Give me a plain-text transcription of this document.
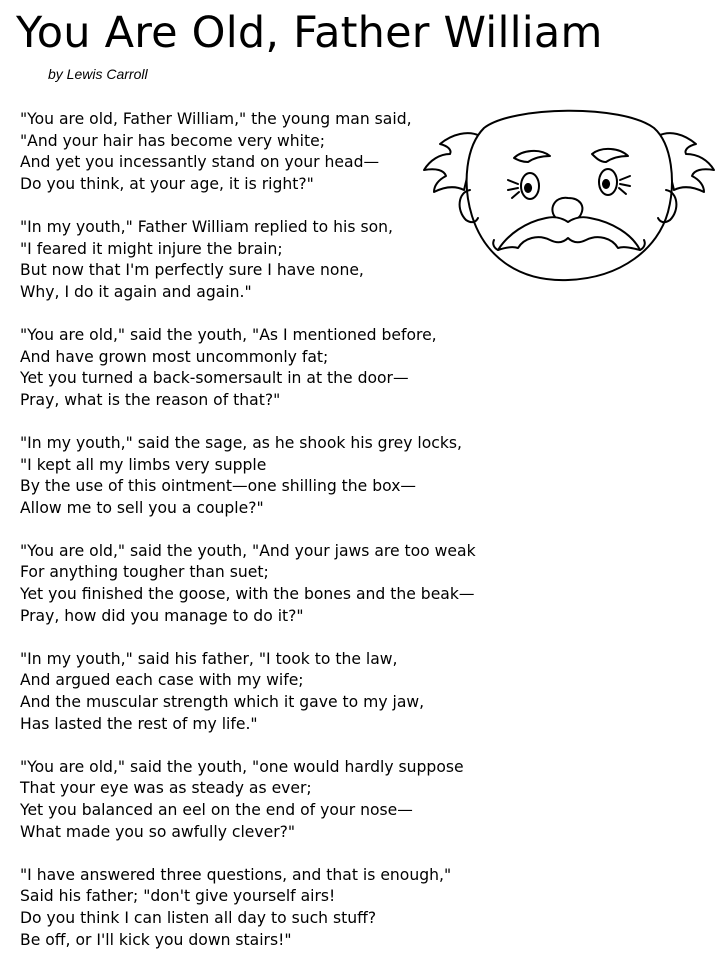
You Are Old, Father William
by Lewis Carroll
"You are old, Father William," the young man said,
"And your hair has become very white;
And yet you incessantly stand on your head—
Do you think, at your age, it is right?"
"In my youth," Father William replied to his son,
"I feared it might injure the brain;
But now that I'm perfectly sure I have none,
Why, I do it again and again."
"You are old," said the youth, "As I mentioned before,
And have grown most uncommonly fat;
Yet you turned a back-somersault in at the door—
Pray, what is the reason of that?"
"In my youth," said the sage, as he shook his grey locks,
"I kept all my limbs very supple
By the use of this ointment—one shilling the box—
Allow me to sell you a couple?"
"You are old," said the youth, "And your jaws are too weak
For anything tougher than suet;
Yet you finished the goose, with the bones and the beak—
Pray, how did you manage to do it?"
"In my youth," said his father, "I took to the law,
And argued each case with my wife;
And the muscular strength which it gave to my jaw,
Has lasted the rest of my life."
"You are old," said the youth, "one would hardly suppose
That your eye was as steady as ever;
Yet you balanced an eel on the end of your nose—
What made you so awfully clever?"
"I have answered three questions, and that is enough,"
Said his father; "don't give yourself airs!
Do you think I can listen all day to such stuff?
Be off, or I'll kick you down stairs!"
